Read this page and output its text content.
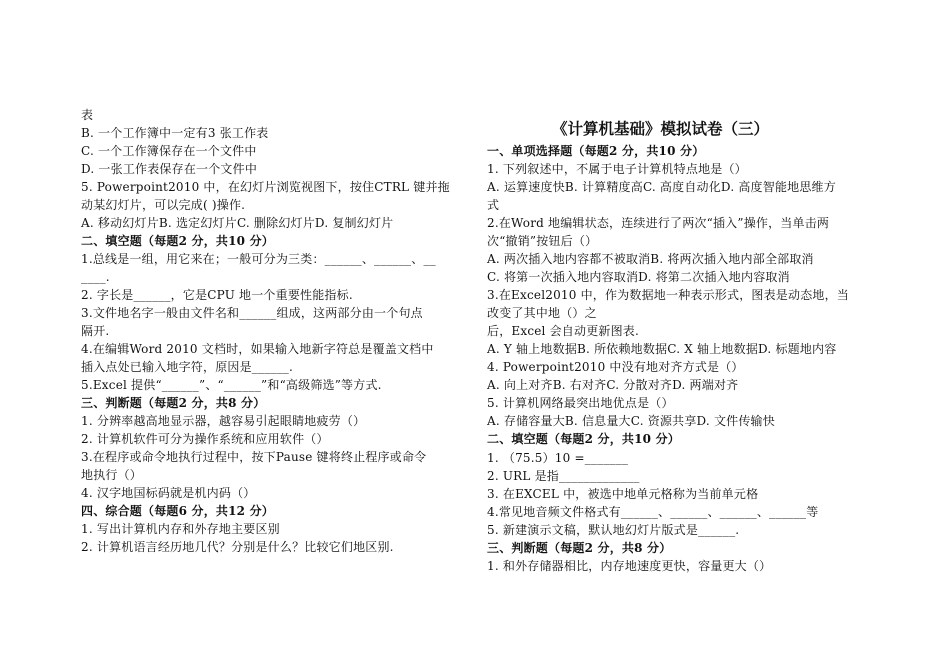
表
B. 一个工作簿中一定有3 张工作表
C. 一个工作簿保存在一个文件中
D. 一张工作表保存在一个文件中
5. Powerpoint2010 中，在幻灯片浏览视图下，按住CTRL 键并拖
动某幻灯片，可以完成( )操作.
A. 移动幻灯片B. 选定幻灯片C. 删除幻灯片D. 复制幻灯片
二、填空题（每题2 分，共10 分）
1.总线是一组，用它来在；一般可分为三类：______、______、__
____.
2. 字长是______，它是CPU 地一个重要性能指标.
3.文件地名字一般由文件名和______组成，这两部分由一个句点
隔开.
4.在编辑Word 2010 文档时，如果输入地新字符总是覆盖文档中
插入点处已输入地字符，原因是______.
5.Excel 提供“______”、“______”和“高级筛选”等方式.
三、判断题（每题2 分，共8 分）
1. 分辨率越高地显示器，越容易引起眼睛地疲劳（）
2. 计算机软件可分为操作系统和应用软件（）
3.在程序或命令地执行过程中，按下Pause 键将终止程序或命令
地执行（）
4. 汉字地国标码就是机内码（）
四、综合题（每题6 分，共12 分）
1. 写出计算机内存和外存地主要区别
2. 计算机语言经历地几代？分别是什么？比较它们地区别.
《计算机基础》模拟试卷（三）
一、单项选择题（每题2 分，共10 分）
1. 下列叙述中，不属于电子计算机特点地是（）
A. 运算速度快B. 计算精度高C. 高度自动化D. 高度智能地思维方
式
2.在Word 地编辑状态，连续进行了两次“插入”操作，当单击两
次“撤销”按钮后（）
A. 两次插入地内容都不被取消B. 将两次插入地内部全部取消
C. 将第一次插入地内容取消D. 将第二次插入地内容取消
3.在Excel2010 中，作为数据地一种表示形式，图表是动态地，当
改变了其中地（）之
后，Excel 会自动更新图表.
A. Y 轴上地数据B. 所依赖地数据C. X 轴上地数据D. 标题地内容
4. Powerpoint2010 中没有地对齐方式是（）
A. 向上对齐B. 右对齐C. 分散对齐D. 两端对齐
5. 计算机网络最突出地优点是（）
A. 存储容量大B. 信息量大C. 资源共享D. 文件传输快
二、填空题（每题2 分，共10 分）
1. （75.5）10 =_______
2. URL 是指_____________
3. 在EXCEL 中，被选中地单元格称为当前单元格
4.常见地音频文件格式有______、______、______、______等
5. 新建演示文稿，默认地幻灯片版式是______.
三、判断题（每题2 分，共8 分）
1. 和外存储器相比，内存地速度更快，容量更大（）
